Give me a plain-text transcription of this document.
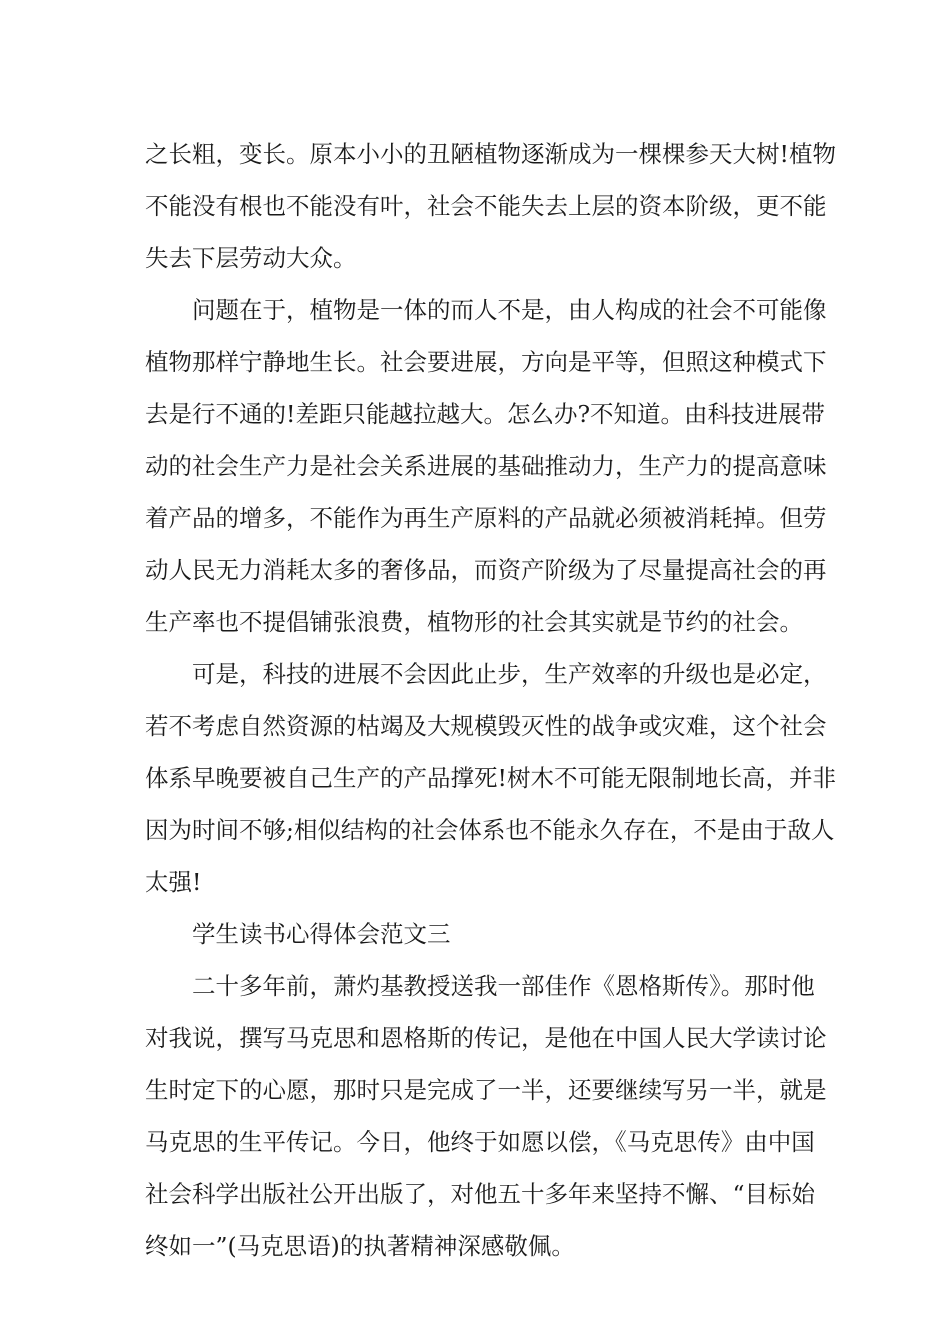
之长粗，变长。原本小小的丑陋植物逐渐成为一棵棵参天大树!植物
不能没有根也不能没有叶，社会不能失去上层的资本阶级，更不能
失去下层劳动大众。
问题在于，植物是一体的而人不是，由人构成的社会不可能像
植物那样宁静地生长。社会要进展，方向是平等，但照这种模式下
去是行不通的!差距只能越拉越大。怎么办?不知道。由科技进展带
动的社会生产力是社会关系进展的基础推动力，生产力的提高意味
着产品的增多，不能作为再生产原料的产品就必须被消耗掉。但劳
动人民无力消耗太多的奢侈品，而资产阶级为了尽量提高社会的再
生产率也不提倡铺张浪费，植物形的社会其实就是节约的社会。
可是，科技的进展不会因此止步，生产效率的升级也是必定，
若不考虑自然资源的枯竭及大规模毁灭性的战争或灾难，这个社会
体系早晚要被自己生产的产品撑死!树木不可能无限制地长高，并非
因为时间不够;相似结构的社会体系也不能永久存在，不是由于敌人
太强!
学生读书心得体会范文三
二十多年前，萧灼基教授送我一部佳作《恩格斯传》。那时他
对我说，撰写马克思和恩格斯的传记，是他在中国人民大学读讨论
生时定下的心愿，那时只是完成了一半，还要继续写另一半，就是
马克思的生平传记。今日，他终于如愿以偿，《马克思传》由中国
社会科学出版社公开出版了，对他五十多年来坚持不懈、“目标始
终如一”(马克思语)的执著精神深感敬佩。
